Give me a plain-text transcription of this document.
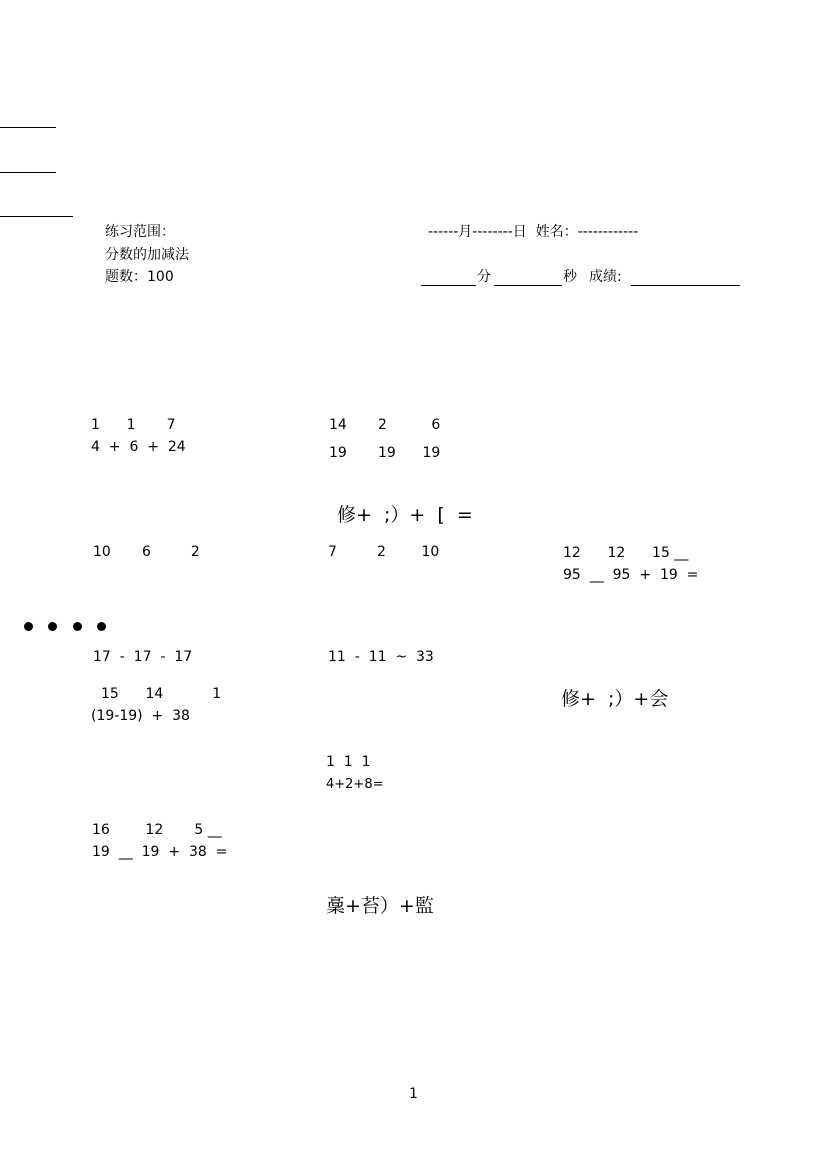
练习范围：
分数的加减法
题数：100
------月--------日  姓名：------------
分	秒 成绩:
1      1       7
4  +  6  +  24
14       2          6
19       19      19
修+  ;）+  [  =
10       6         2	7         2        10	12      12      15 __
95  __  95  +  19  =
17  -  17  -  17	11  -  11  ~  33
15      14           1
(19-19)  +  38
修+  ;）+会
1  1  1
4+2+8=
16        12       5 __
19  __  19  +  38  =
稾+苔）+監
1
